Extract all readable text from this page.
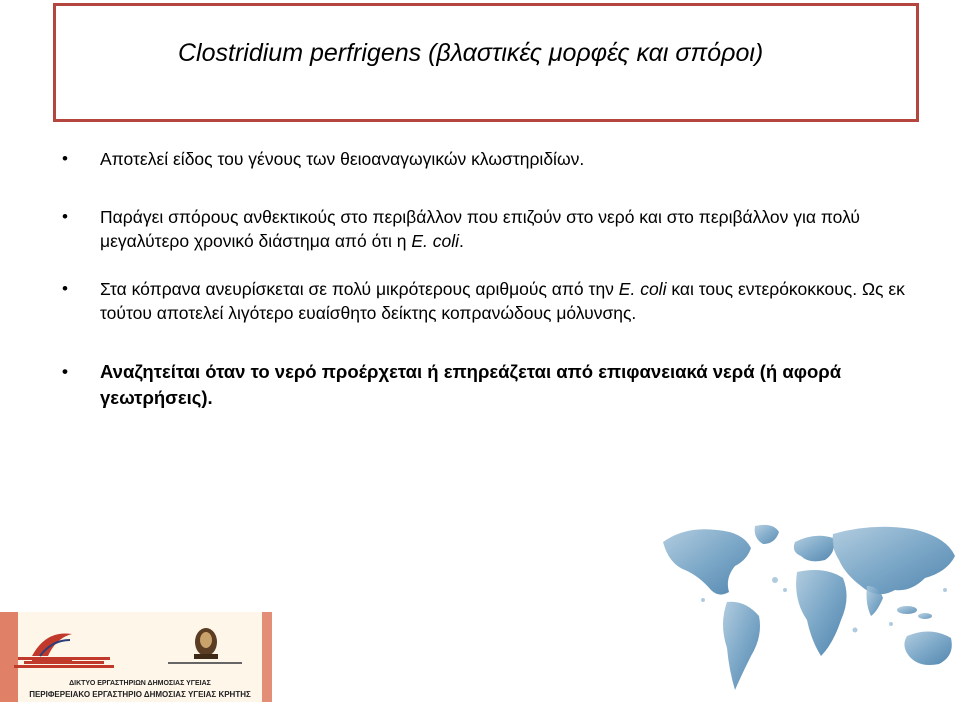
Clostridium perfrigens (βλαστικές μορφές και σπόροι)
• Αποτελεί είδος του γένους των θειοαναγωγικών κλωστηριδίων.
• Παράγει σπόρους ανθεκτικούς στο περιβάλλον που επιζούν στο νερό και στο περιβάλλον για πολύ μεγαλύτερο χρονικό διάστημα από ότι η E. coli.
• Στα κόπρανα ανευρίσκεται σε πολύ μικρότερους αριθμούς από την E. coli και τους εντερόκοκκους. Ως εκ τούτου αποτελεί λιγότερο ευαίσθητο δείκτης κοπρανώδους μόλυνσης.
• Αναζητείται όταν το νερό προέρχεται ή επηρεάζεται από επιφανειακά νερά (ή αφορά γεωτρήσεις).
ΔΙΚΤΥΟ ΕΡΓΑΣΤΗΡΙΩΝ ΔΗΜΟΣΙΑΣ ΥΓΕΙΑΣ
ΠΕΡΙΦΕΡΕΙΑΚΟ ΕΡΓΑΣΤΗΡΙΟ ΔΗΜΟΣΙΑΣ ΥΓΕΙΑΣ ΚΡΗΤΗΣ
